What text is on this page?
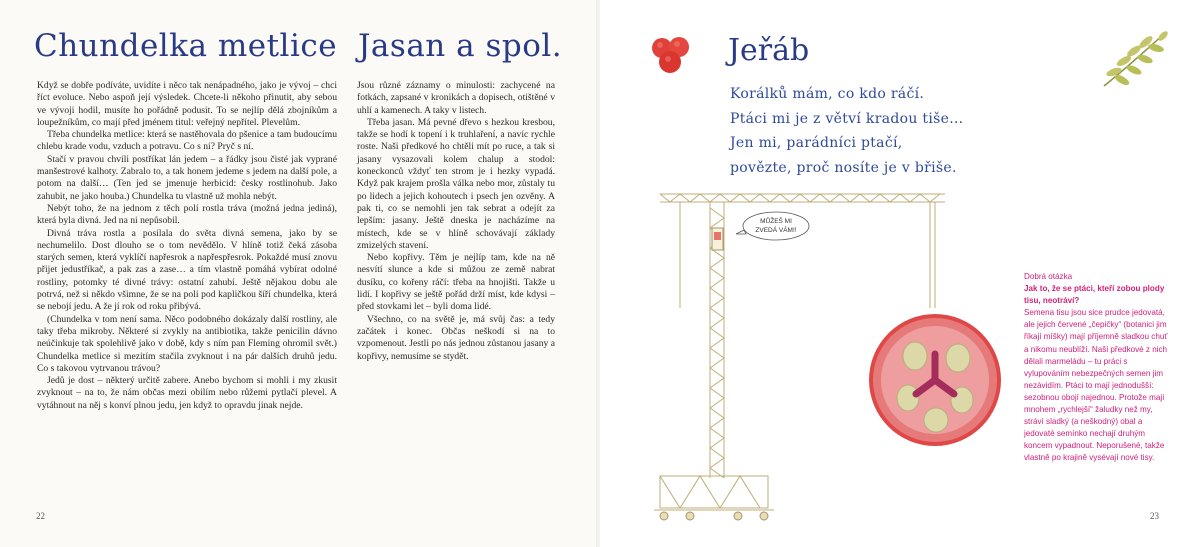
Chundelka metlice Jasan a spol.

Když se dobře podíváte, uvidíte i něco tak nenápadného, jako je vývoj – chci říct evoluce. Nebo aspoň její výsledek. Chcete-li někoho přinutit, aby sebou ve vývoji hodil, musíte ho pořádně podusit. To se nejlíp dělá zbojníkům a loupežníkům, co mají před jménem titul: veřejný nepřítel. Plevelům.

Třeba chundelka metlice: která se nastěhovala do pšenice a tam budoucímu chlebu krade vodu, vzduch a potravu. Co s ní? Pryč s ní.

Stačí v pravou chvíli postříkat lán jedem – a řádky jsou čisté jak vyprané manšestrové kalhoty. Zabralo to, a tak honem jedeme s jedem na další pole, a potom na další… (Ten jed se jmenuje herbicid: česky rostlinohub. Jako zahubit, ne jako houba.) Chundelka tu vlastně už mohla nebýt.

Nebýt toho, že na jednom z těch polí rostla tráva (možná jedna jediná), která byla divná. Jed na ni nepůsobil.

Divná tráva rostla a posílala do světa divná semena, jako by se nechumelilo. Dost dlouho se o tom nevědělo. V hlíně totiž čeká zásoba starých semen, která vyklíčí napřesrok a napřespřesrok. Pokaždé musí znovu přijet jedustříkač, a pak zas a zase… a tím vlastně pomáhá vybírat odolné rostliny, potomky té divné trávy: ostatní zahubí. Ještě nějakou dobu ale potrvá, než si někdo všimne, že se na poli pod kapličkou šíří chundelka, která se nebojí jedu. A že jí rok od roku přibývá.

(Chundelka v tom není sama. Něco podobného dokázaly další rostliny, ale taky třeba mikroby. Některé si zvykly na antibiotika, takže penicilin dávno neúčinkuje tak spolehlivě jako v době, kdy s ním pan Fleming ohromil svět.) Chundelka metlice si mezitím stačila zvyknout i na pár dalších druhů jedu. Co s takovou vytrvanou trávou?

Jedů je dost – některý určitě zabere. Anebo bychom si mohli i my zkusit zvyknout – na to, že nám občas mezi obilím nebo růžemi pytlačí plevel. A vytáhnout na něj s konví plnou jedu, jen když to opravdu jinak nejde.

Jsou různé záznamy o minulosti: zachycené na fotkách, zapsané v kronikách a dopisech, otištěné v uhlí a kamenech. A taky v listech.

Třeba jasan. Má pevné dřevo s hezkou kresbou, takže se hodí k topení i k truhlaření, a navíc rychle roste. Naši předkové ho chtěli mít po ruce, a tak si jasany vysazovali kolem chalup a stodol: koneckonců vždyť ten strom je i hezky vypadá. Když pak krajem prošla válka nebo mor, zůstaly tu po lidech a jejich kohoutech i psech jen ozvěny. A pak ti, co se nemohli jen tak sebrat a odejít za lepším: jasany. Ještě dneska je nacházíme na místech, kde se v hlíně schovávají základy zmizelých stavení.

Nebo kopřivy. Těm je nejlíp tam, kde na ně nesvítí slunce a kde si můžou ze země nabrat dusíku, co kořeny ráčí: třeba na hnojišti. Takže u lidí. I kopřivy se ještě pořád drží míst, kde kdysi – před stovkami let – byli doma lidé.

Všechno, co na světě je, má svůj čas: a tedy začátek i konec. Občas neškodí si na to vzpomenout. Jestli po nás jednou zůstanou jasany a kopřivy, nemusíme se stydět.

22
Jeřáb
Korálků mám, co kdo ráčí.
Ptáci mi je z větví kradou tiše…
Jen mi, parádníci ptačí,
povězte, proč nosíte je v břiše.
MŮŽEŠ MI
ZVEDÁ VÁM!!
Dobrá otázka
Jak to, že se ptáci, kteří zobou plody tisu, neotráví?
Semena tisu jsou sice prudce jedovatá, ale jejich červené „čepičky“ (botanici jim říkají míšky) mají příjemně sladkou chuť a nikomu neublíží. Naši předkové z nich dělali marmeládu – tu práci s vylupováním nebezpečných semen jim nezávidím. Ptáci to mají jednodušší: sezobnou obojí najednou. Protože mají mnohem „rychlejší“ žaludky než my, stráví sladký (a neškodný) obal a jedovaté semínko nechají druhým koncem vypadnout. Neporušené, takže vlastně po krajině vysévají nové tisy.
23
